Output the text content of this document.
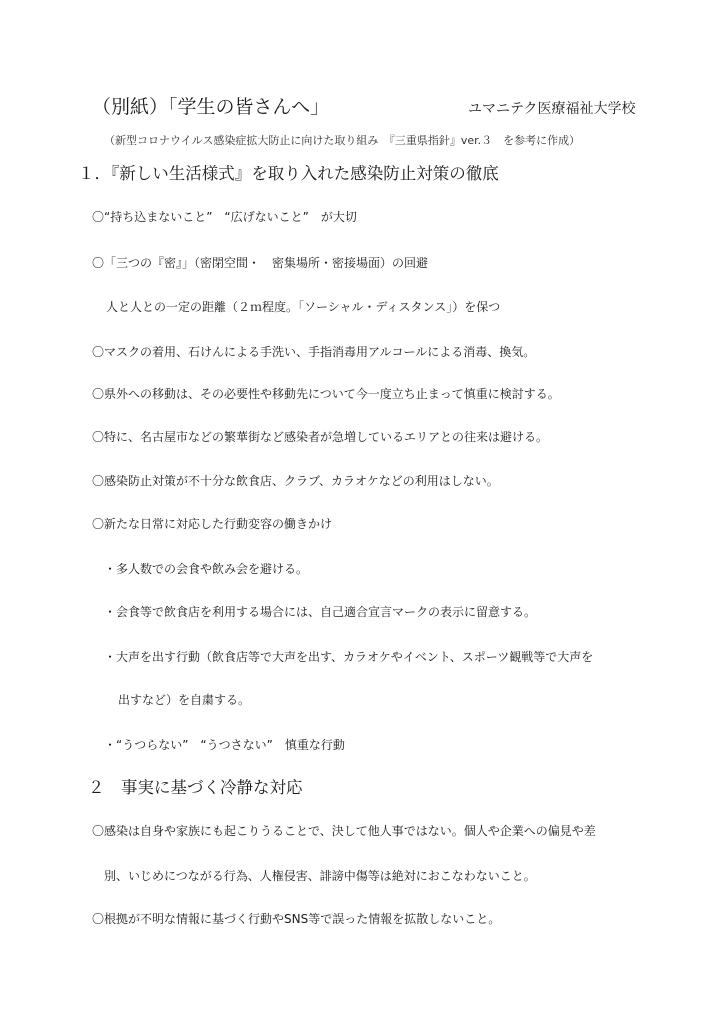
（別紙）「学生の皆さんへ」	ユマニテク医療福祉大学校
（新型コロナウイルス感染症拡大防止に向けた取り組み　『三重県指針』ver.３　を参考に作成）
１．『新しい生活様式』を取り入れた感染防止対策の徹底
〇“持ち込まないこと”　“広げないこと”　が大切
〇「三つの『密』」（密閉空間・　密集場所・密接場面）の回避
人と人との一定の距離（２ｍ程度。「ソーシャル・ディスタンス」）を保つ
〇マスクの着用、石けんによる手洗い、手指消毒用アルコールによる消毒、換気。
〇県外への移動は、その必要性や移動先について今一度立ち止まって慎重に検討する。
〇特に、名古屋市などの繁華街など感染者が急増しているエリアとの往来は避ける。
〇感染防止対策が不十分な飲食店、クラブ、カラオケなどの利用はしない。
〇新たな日常に対応した行動変容の働きかけ
・多人数での会食や飲み会を避ける。
・会食等で飲食店を利用する場合には、自己適合宣言マークの表示に留意する。
・大声を出す行動（飲食店等で大声を出す、カラオケやイベント、スポーツ観戦等で大声を
出すなど）を自粛する。
・“うつらない”　“うつさない”　慎重な行動
２　事実に基づく冷静な対応
〇感染は自身や家族にも起こりうることで、決して他人事ではない。個人や企業への偏見や差
別、いじめにつながる行為、人権侵害、誹謗中傷等は絶対におこなわないこと。
〇根拠が不明な情報に基づく行動やSNS等で誤った情報を拡散しないこと。
